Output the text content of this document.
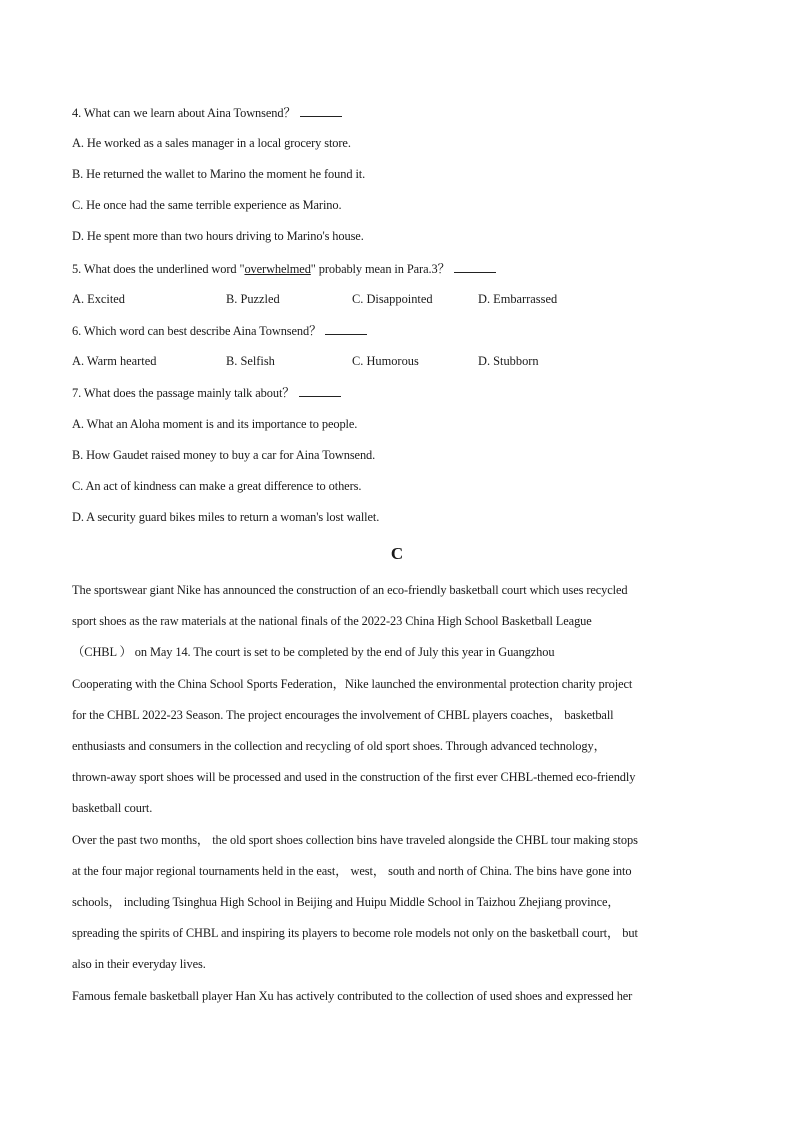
4. What can we learn about Aina Townsend？
A. He worked as a sales manager in a local grocery store.
B. He returned the wallet to Marino the moment he found it.
C. He once had the same terrible experience as Marino.
D. He spent more than two hours driving to Marino's house.
5. What does the underlined word "overwhelmed" probably mean in Para.3？
A. Excited	B. Puzzled	C. Disappointed	D. Embarrassed
6. Which word can best describe Aina Townsend？
A. Warm hearted	B. Selfish	C. Humorous	D. Stubborn
7. What does the passage mainly talk about？
A. What an Aloha moment is and its importance to people.
B. How Gaudet raised money to buy a car for Aina Townsend.
C. An act of kindness can make a great difference to others.
D. A security guard bikes miles to return a woman's lost wallet.
C
The sportswear giant Nike has announced the construction of an eco-friendly basketball court which uses recycled
sport shoes as the raw materials at the national finals of the 2022-23 China High School Basketball League
（CHBL ） on May 14. The court is set to be completed by the end of July this year in Guangzhou
Cooperating with the China School Sports Federation，Nike launched the environmental protection charity project
for the CHBL 2022-23 Season. The project encourages the involvement of CHBL players coaches， basketball
enthusiasts and consumers in the collection and recycling of old sport shoes. Through advanced technology，
thrown-away sport shoes will be processed and used in the construction of the first ever CHBL-themed eco-friendly
basketball court.
Over the past two months， the old sport shoes collection bins have traveled alongside the CHBL tour making stops
at the four major regional tournaments held in the east， west， south and north of China. The bins have gone into
schools， including Tsinghua High School in Beijing and Huipu Middle School in Taizhou Zhejiang province，
spreading the spirits of CHBL and inspiring its players to become role models not only on the basketball court， but
also in their everyday lives.
Famous female basketball player Han Xu has actively contributed to the collection of used shoes and expressed her
